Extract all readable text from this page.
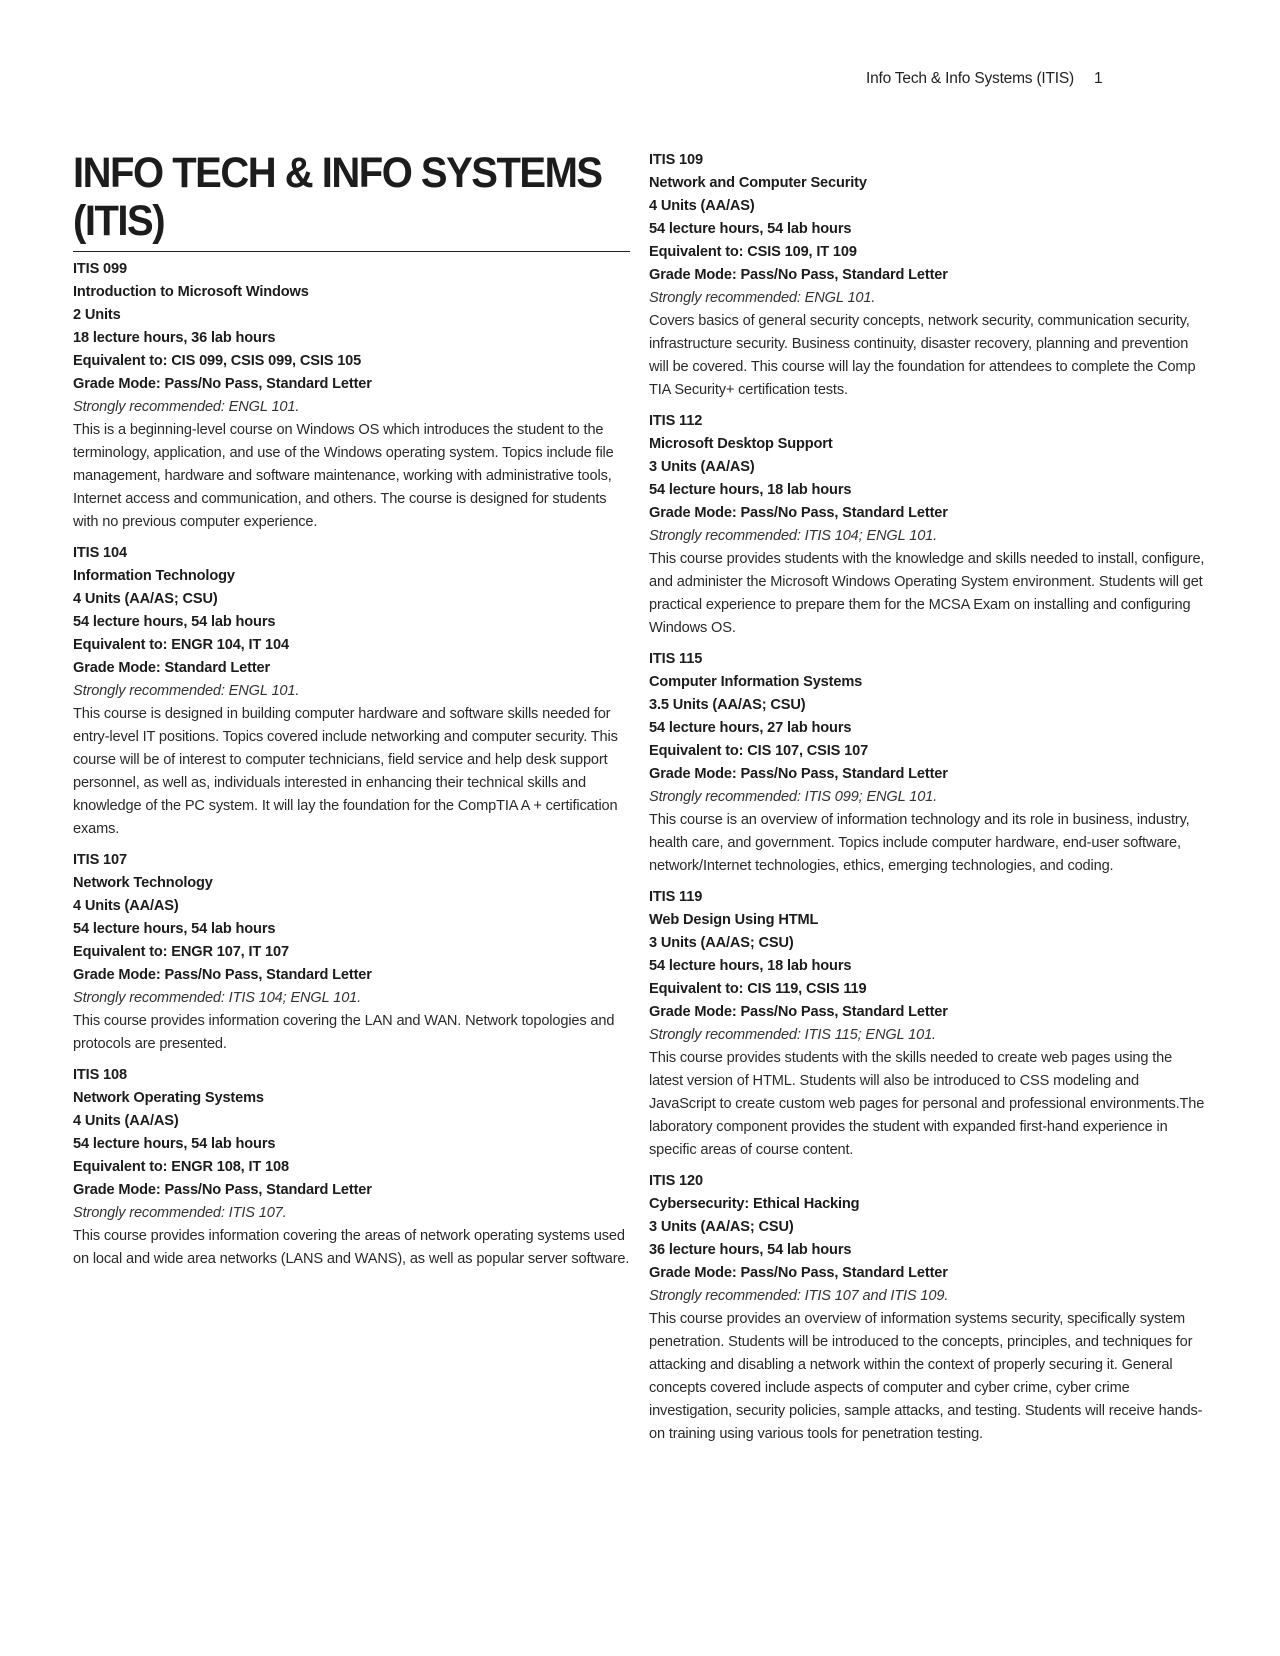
Info Tech & Info Systems (ITIS) 1
INFO TECH & INFO SYSTEMS
(ITIS)
ITIS 099
Introduction to Microsoft Windows
2 Units
18 lecture hours, 36 lab hours
Equivalent to: CIS 099, CSIS 099, CSIS 105
Grade Mode: Pass/No Pass, Standard Letter
Strongly recommended: ENGL 101.
This is a beginning-level course on Windows OS which introduces the student to the terminology, application, and use of the Windows operating system. Topics include file management, hardware and software maintenance, working with administrative tools, Internet access and communication, and others. The course is designed for students with no previous computer experience.
ITIS 104
Information Technology
4 Units (AA/AS; CSU)
54 lecture hours, 54 lab hours
Equivalent to: ENGR 104, IT 104
Grade Mode: Standard Letter
Strongly recommended: ENGL 101.
This course is designed in building computer hardware and software skills needed for entry-level IT positions. Topics covered include networking and computer security. This course will be of interest to computer technicians, field service and help desk support personnel, as well as, individuals interested in enhancing their technical skills and knowledge of the PC system. It will lay the foundation for the CompTIA A + certification exams.
ITIS 107
Network Technology
4 Units (AA/AS)
54 lecture hours, 54 lab hours
Equivalent to: ENGR 107, IT 107
Grade Mode: Pass/No Pass, Standard Letter
Strongly recommended: ITIS 104; ENGL 101.
This course provides information covering the LAN and WAN. Network topologies and protocols are presented.
ITIS 108
Network Operating Systems
4 Units (AA/AS)
54 lecture hours, 54 lab hours
Equivalent to: ENGR 108, IT 108
Grade Mode: Pass/No Pass, Standard Letter
Strongly recommended: ITIS 107.
This course provides information covering the areas of network operating systems used on local and wide area networks (LANS and WANS), as well as popular server software.
ITIS 109
Network and Computer Security
4 Units (AA/AS)
54 lecture hours, 54 lab hours
Equivalent to: CSIS 109, IT 109
Grade Mode: Pass/No Pass, Standard Letter
Strongly recommended: ENGL 101.
Covers basics of general security concepts, network security, communication security, infrastructure security. Business continuity, disaster recovery, planning and prevention will be covered. This course will lay the foundation for attendees to complete the Comp TIA Security+ certification tests.
ITIS 112
Microsoft Desktop Support
3 Units (AA/AS)
54 lecture hours, 18 lab hours
Grade Mode: Pass/No Pass, Standard Letter
Strongly recommended: ITIS 104; ENGL 101.
This course provides students with the knowledge and skills needed to install, configure, and administer the Microsoft Windows Operating System environment. Students will get practical experience to prepare them for the MCSA Exam on installing and configuring Windows OS.
ITIS 115
Computer Information Systems
3.5 Units (AA/AS; CSU)
54 lecture hours, 27 lab hours
Equivalent to: CIS 107, CSIS 107
Grade Mode: Pass/No Pass, Standard Letter
Strongly recommended: ITIS 099; ENGL 101.
This course is an overview of information technology and its role in business, industry, health care, and government. Topics include computer hardware, end-user software, network/Internet technologies, ethics, emerging technologies, and coding.
ITIS 119
Web Design Using HTML
3 Units (AA/AS; CSU)
54 lecture hours, 18 lab hours
Equivalent to: CIS 119, CSIS 119
Grade Mode: Pass/No Pass, Standard Letter
Strongly recommended: ITIS 115; ENGL 101.
This course provides students with the skills needed to create web pages using the latest version of HTML. Students will also be introduced to CSS modeling and JavaScript to create custom web pages for personal and professional environments.The laboratory component provides the student with expanded first-hand experience in specific areas of course content.
ITIS 120
Cybersecurity: Ethical Hacking
3 Units (AA/AS; CSU)
36 lecture hours, 54 lab hours
Grade Mode: Pass/No Pass, Standard Letter
Strongly recommended: ITIS 107 and ITIS 109.
This course provides an overview of information systems security, specifically system penetration. Students will be introduced to the concepts, principles, and techniques for attacking and disabling a network within the context of properly securing it. General concepts covered include aspects of computer and cyber crime, cyber crime investigation, security policies, sample attacks, and testing. Students will receive hands-on training using various tools for penetration testing.
